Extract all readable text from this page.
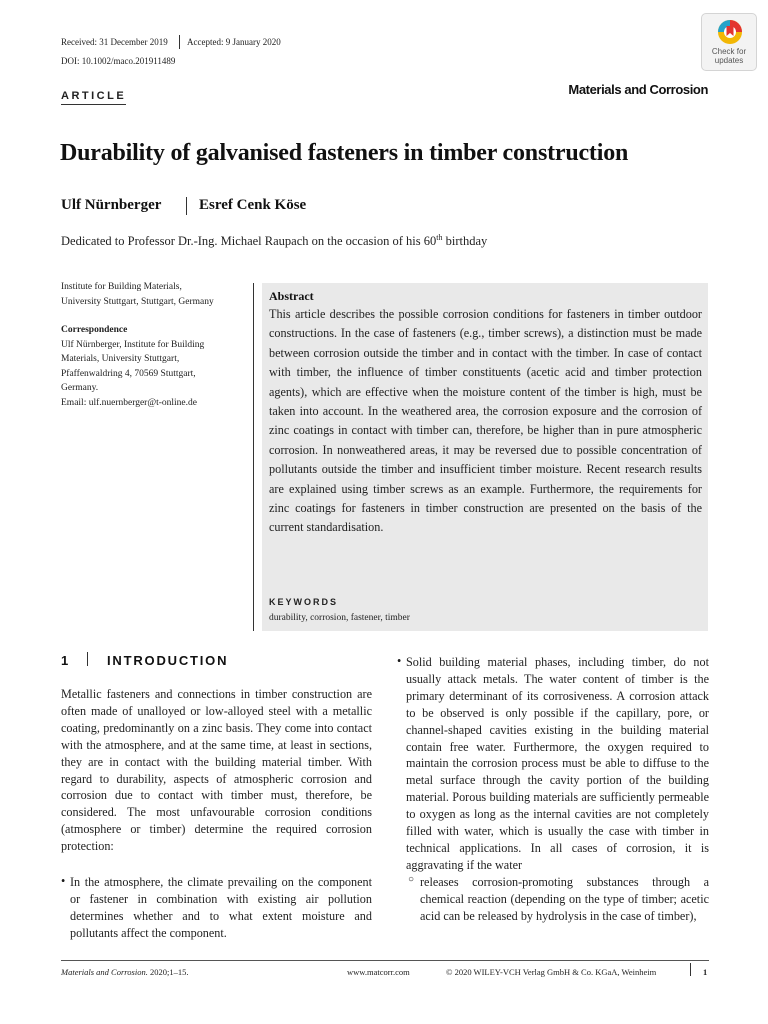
Received: 31 December 2019 Accepted: 9 January 2020
DOI: 10.1002/maco.201911489
Check for
updates
ARTICLE	Materials and Corrosion
Durability of galvanised fasteners in timber construction
Ulf Nürnberger	Esref Cenk Köse
Dedicated to Professor Dr.-Ing. Michael Raupach on the occasion of his 60th birthday
Institute for Building Materials,
University Stuttgart, Stuttgart, Germany
Correspondence
Ulf Nürnberger, Institute for Building
Materials, University Stuttgart,
Pfaffenwaldring 4, 70569 Stuttgart,
Germany.
Email: ulf.nuernberger@t-online.de
Abstract
This article describes the possible corrosion conditions for fasteners in timber outdoor constructions. In the case of fasteners (e.g., timber screws), a distinction must be made between corrosion outside the timber and in contact with the timber. In case of contact with timber, the influence of timber constituents (acetic acid and timber protection agents), which are effective when the moisture content of the timber is high, must be taken into account. In the weathered area, the corrosion exposure and the corrosion of zinc coatings in contact with timber can, therefore, be higher than in pure atmospheric corrosion. In nonweathered areas, it may be reversed due to possible concentration of pollutants outside the timber and insufficient timber moisture. Recent research results are explained using timber screws as an example. Furthermore, the requirements for zinc coatings for fasteners in timber construction are presented on the basis of the current standardisation.
KEYWORDS
durability, corrosion, fastener, timber
1	INTRODUCTION
Metallic fasteners and connections in timber construction are often made of unalloyed or low-alloyed steel with a metallic coating, predominantly on a zinc basis. They come into contact with the atmosphere, and at the same time, at least in sections, they are in contact with the building material timber. With regard to durability, aspects of atmospheric corrosion and corrosion due to contact with timber must, therefore, be considered. The most unfavourable corrosion conditions (atmosphere or timber) determine the required corrosion protection:
• In the atmosphere, the climate prevailing on the component or fastener in combination with existing air pollution determines whether and to what extent moisture and pollutants affect the component.
• Solid building material phases, including timber, do not usually attack metals. The water content of timber is the primary determinant of its corrosiveness. A corrosion attack to be observed is only possible if the capillary, pore, or channel-shaped cavities existing in the building material contain free water. Furthermore, the oxygen required to maintain the corrosion process must be able to diffuse to the metal surface through the cavity portion of the building material. Porous building materials are sufficiently permeable to oxygen as long as the internal cavities are not completely filled with water, which is usually the case with timber in technical applications. In all cases of corrosion, it is aggravating if the water
○ releases corrosion-promoting substances through a chemical reaction (depending on the type of timber; acetic acid can be released by hydrolysis in the case of timber),
Materials and Corrosion. 2020;1–15.	www.matcorr.com	© 2020 WILEY-VCH Verlag GmbH & Co. KGaA, Weinheim	1
